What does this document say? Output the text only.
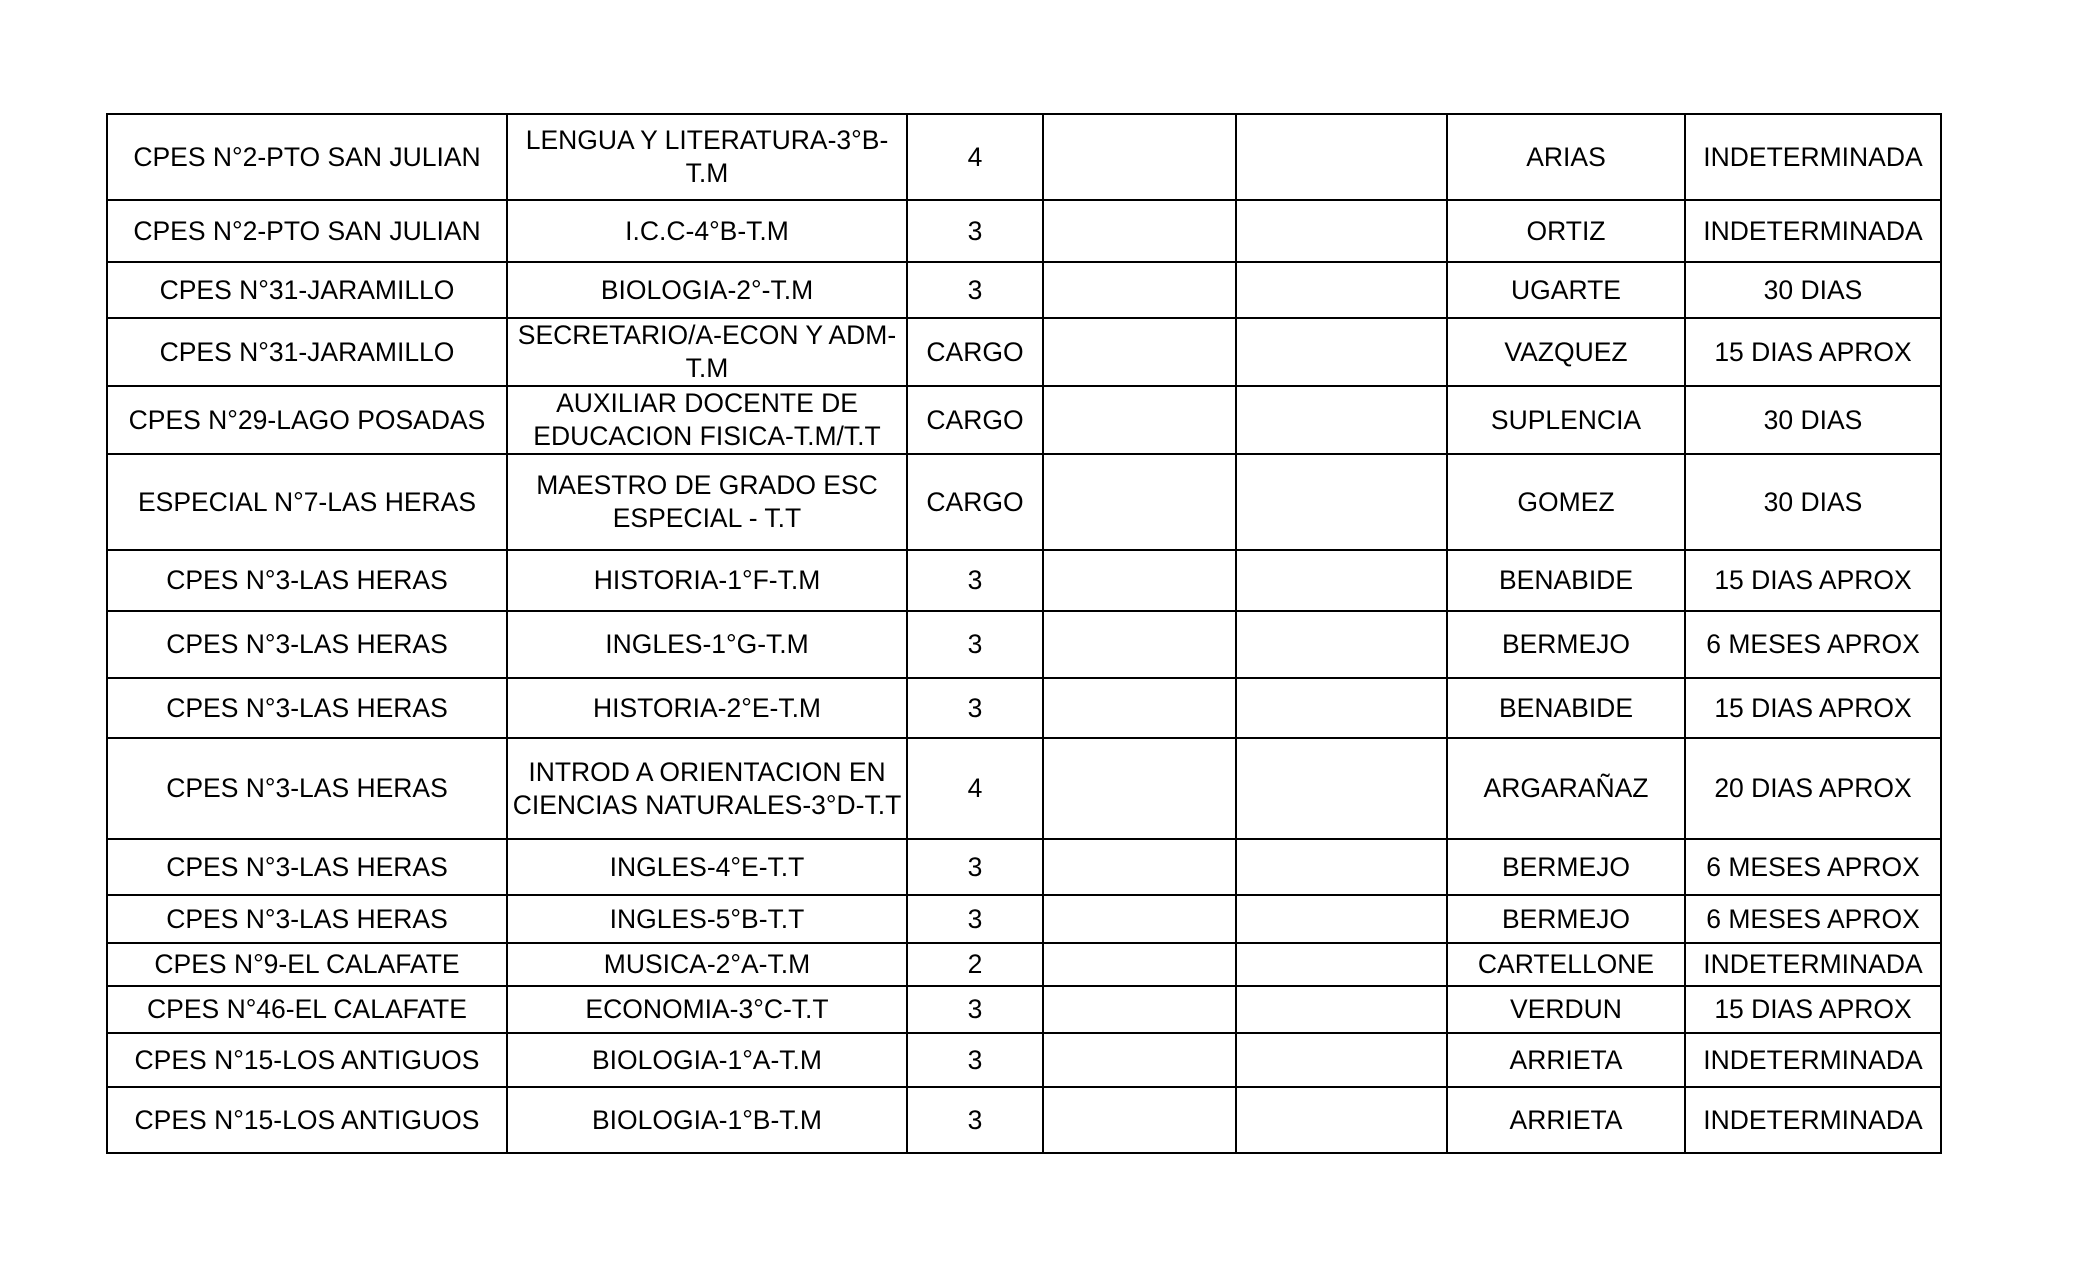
CPES N°2-PTO SAN JULIAN	LENGUA Y LITERATURA-3°B-T.M	4			ARIAS	INDETERMINADA
CPES N°2-PTO SAN JULIAN	I.C.C-4°B-T.M	3			ORTIZ	INDETERMINADA
CPES N°31-JARAMILLO	BIOLOGIA-2°-T.M	3			UGARTE	30 DIAS
CPES N°31-JARAMILLO	SECRETARIO/A-ECON Y ADM-T.M	CARGO			VAZQUEZ	15 DIAS APROX
CPES N°29-LAGO POSADAS	AUXILIAR DOCENTE DE EDUCACION FISICA-T.M/T.T	CARGO			SUPLENCIA	30 DIAS
ESPECIAL N°7-LAS HERAS	MAESTRO DE GRADO ESC ESPECIAL - T.T	CARGO			GOMEZ	30 DIAS
CPES N°3-LAS HERAS	HISTORIA-1°F-T.M	3			BENABIDE	15 DIAS APROX
CPES N°3-LAS HERAS	INGLES-1°G-T.M	3			BERMEJO	6 MESES APROX
CPES N°3-LAS HERAS	HISTORIA-2°E-T.M	3			BENABIDE	15 DIAS APROX
CPES N°3-LAS HERAS	INTROD A ORIENTACION EN CIENCIAS NATURALES-3°D-T.T	4			ARGARAÑAZ	20 DIAS APROX
CPES N°3-LAS HERAS	INGLES-4°E-T.T	3			BERMEJO	6 MESES APROX
CPES N°3-LAS HERAS	INGLES-5°B-T.T	3			BERMEJO	6 MESES APROX
CPES N°9-EL CALAFATE	MUSICA-2°A-T.M	2			CARTELLONE	INDETERMINADA
CPES N°46-EL CALAFATE	ECONOMIA-3°C-T.T	3			VERDUN	15 DIAS APROX
CPES N°15-LOS ANTIGUOS	BIOLOGIA-1°A-T.M	3			ARRIETA	INDETERMINADA
CPES N°15-LOS ANTIGUOS	BIOLOGIA-1°B-T.M	3			ARRIETA	INDETERMINADA
